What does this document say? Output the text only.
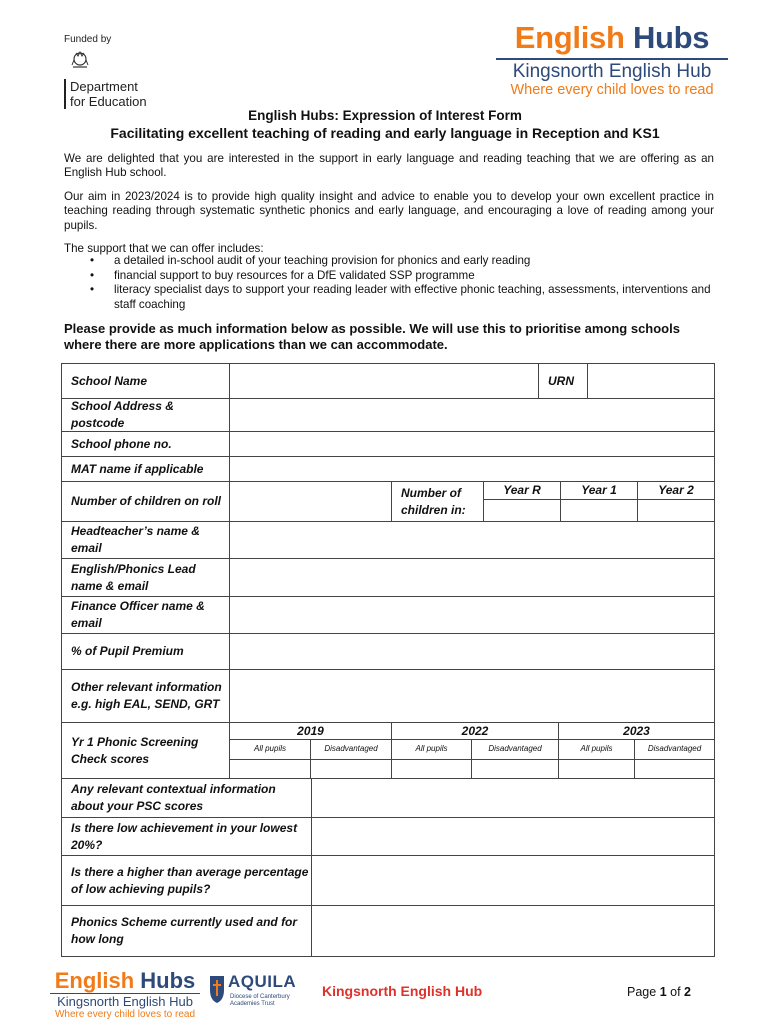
Funded by
Department
for Education
English Hubs
Kingsnorth English Hub
Where every child loves to read
English Hubs: Expression of Interest Form
Facilitating excellent teaching of reading and early language in Reception and KS1

We are delighted that you are interested in the support in early language and reading teaching that we are offering as an English Hub school.

Our aim in 2023/2024 is to provide high quality insight and advice to enable you to develop your own excellent practice in teaching reading through systematic synthetic phonics and early language, and encouraging a love of reading among your pupils.

The support that we can offer includes:
• a detailed in-school audit of your teaching provision for phonics and early reading
• financial support to buy resources for a DfE validated SSP programme
• literacy specialist days to support your reading leader with effective phonic teaching, assessments, interventions and staff coaching
Please provide as much information below as possible. We will use this to prioritise among schools where there are more applications than we can accommodate.
School Name	URN
School Address & postcode
School phone no.
MAT name if applicable
Number of children on roll
Number of children in:
Year R	Year 1	Year 2
Headteacher’s name & email
English/Phonics Lead name & email
Finance Officer name & email
% of Pupil Premium
Other relevant information e.g. high EAL, SEND, GRT
Yr 1 Phonic Screening Check scores
2019	2022	2023
All pupils	Disadvantaged	All pupils	Disadvantaged	All pupils	Disadvantaged
Any relevant contextual information about your PSC scores
Is there low achievement in your lowest 20%?
Is there a higher than average percentage of low achieving pupils?
Phonics Scheme currently used and for how long
English Hubs
Kingsnorth English Hub
Where every child loves to read
AQUILA
Diocese of Canterbury
Academies Trust
Kingsnorth English Hub	Page 1 of 2
